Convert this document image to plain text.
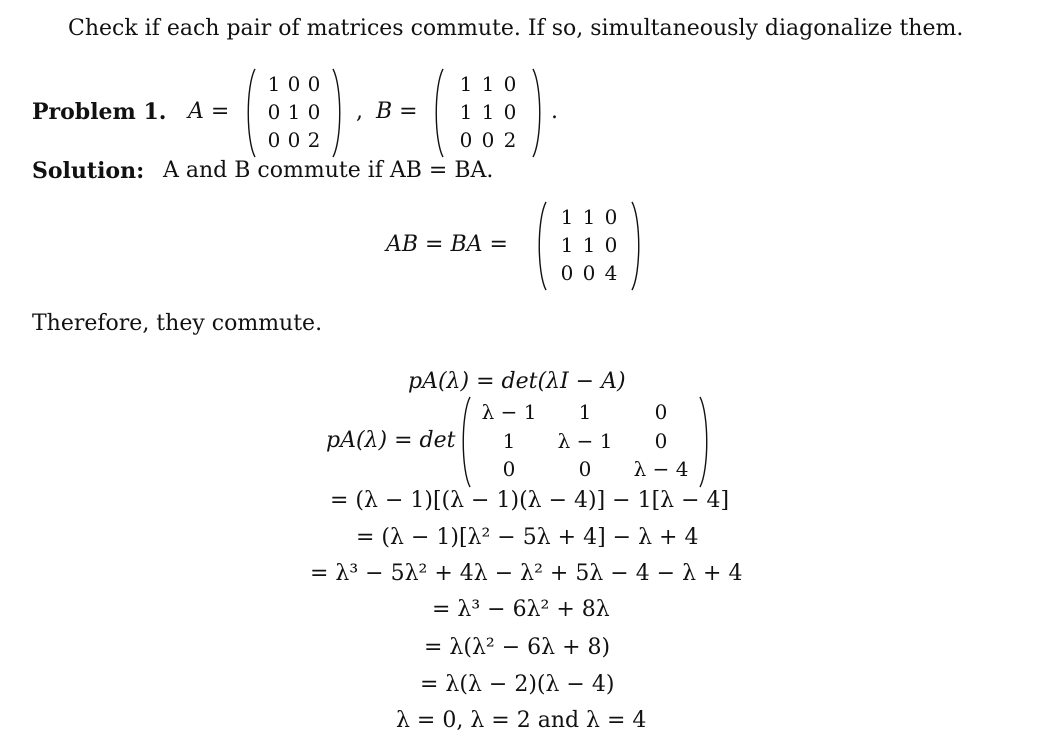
Check if each pair of matrices commute. If so, simultaneously diagonalize them.
Problem 1. A =
1 0 0
0 1 0
0 0 2
, B =
1 1 0
1 1 0
0 0 2
.
Solution: A and B commute if AB = BA.
AB = BA =
1 1 0
1 1 0
0 0 4
Therefore, they commute.
pA(λ) = det(λI − A)
pA(λ) = det
λ − 1	1	0
1	λ − 1	0
0	0	λ − 4
= (λ − 1)[(λ − 1)(λ − 4)] − 1[λ − 4]
= (λ − 1)[λ² − 5λ + 4] − λ + 4
= λ³ − 5λ² + 4λ − λ² + 5λ − 4 − λ + 4
= λ³ − 6λ² + 8λ
= λ(λ² − 6λ + 8)
= λ(λ − 2)(λ − 4)
λ = 0, λ = 2 and λ = 4
